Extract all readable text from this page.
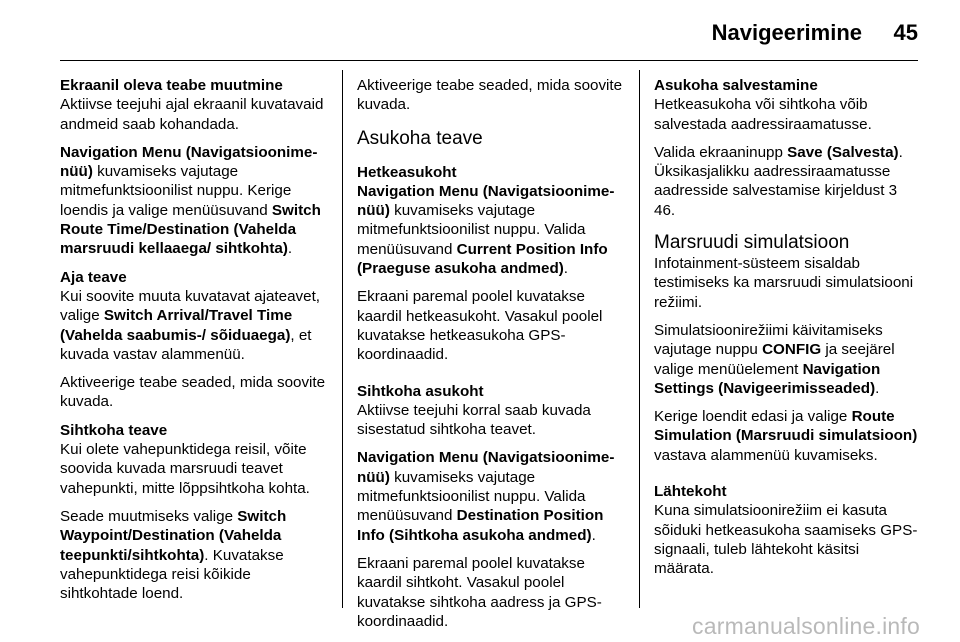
Navigeerimine 45

Ekraanil oleva teabe muutmine

Aktiivse teejuhi ajal ekraanil kuvatavaid andmeid saab kohandada.

Navigation Menu (Navigatsioonimenüü) kuvamiseks vajutage mitmefunktsioonilist nuppu. Kerige loendis ja valige menüüsuvand Switch Route Time/Destination (Vahelda marsruudi kellaaega/ sihtkohta).

Aja teave

Kui soovite muuta kuvatavat ajateavet, valige Switch Arrival/Travel Time (Vahelda saabumis-/ sõiduaega), et kuvada vastav alammenüü.

Aktiveerige teabe seaded, mida soovite kuvada.

Sihtkoha teave

Kui olete vahepunktidega reisil, võite soovida kuvada marsruudi teavet vahepunkti, mitte lõppsihtkoha kohta.

Seade muutmiseks valige Switch Waypoint/Destination (Vahelda teepunkti/sihtkohta). Kuvatakse vahepunktidega reisi kõikide sihtkohtade loend.

Aktiveerige teabe seaded, mida soovite kuvada.

Asukoha teave

Hetkeasukoht

Navigation Menu (Navigatsioonimenüü) kuvamiseks vajutage mitmefunktsioonilist nuppu. Valida menüüsuvand Current Position Info (Praeguse asukoha andmed).

Ekraani paremal poolel kuvatakse kaardil hetkeasukoht. Vasakul poolel kuvatakse hetkeasukoha GPS-koordinaadid.

Sihtkoha asukoht

Aktiivse teejuhi korral saab kuvada sisestatud sihtkoha teavet.

Navigation Menu (Navigatsioonimenüü) kuvamiseks vajutage mitmefunktsioonilist nuppu. Valida menüüsuvand Destination Position Info (Sihtkoha asukoha andmed).

Ekraani paremal poolel kuvatakse kaardil sihtkoht. Vasakul poolel kuvatakse sihtkoha aadress ja GPS-koordinaadid.

Asukoha salvestamine

Hetkeasukoha või sihtkoha võib salvestada aadressiraamatusse.

Valida ekraaninupp Save (Salvesta). Üksikasjalikku aadressiraamatusse aadresside salvestamise kirjeldust 3 46.

Marsruudi simulatsioon

Infotainment-süsteem sisaldab testimiseks ka marsruudi simulatsiooni režiimi.

Simulatsioonirežiimi käivitamiseks vajutage nuppu CONFIG ja seejärel valige menüüelement Navigation Settings (Navigeerimisseaded).

Kerige loendit edasi ja valige Route Simulation (Marsruudi simulatsioon) vastava alammenüü kuvamiseks.

Lähtekoht

Kuna simulatsioonirežiim ei kasuta sõiduki hetkeasukoha saamiseks GPS-signaali, tuleb lähtekoht käsitsi määrata.

carmanualsonline.info
